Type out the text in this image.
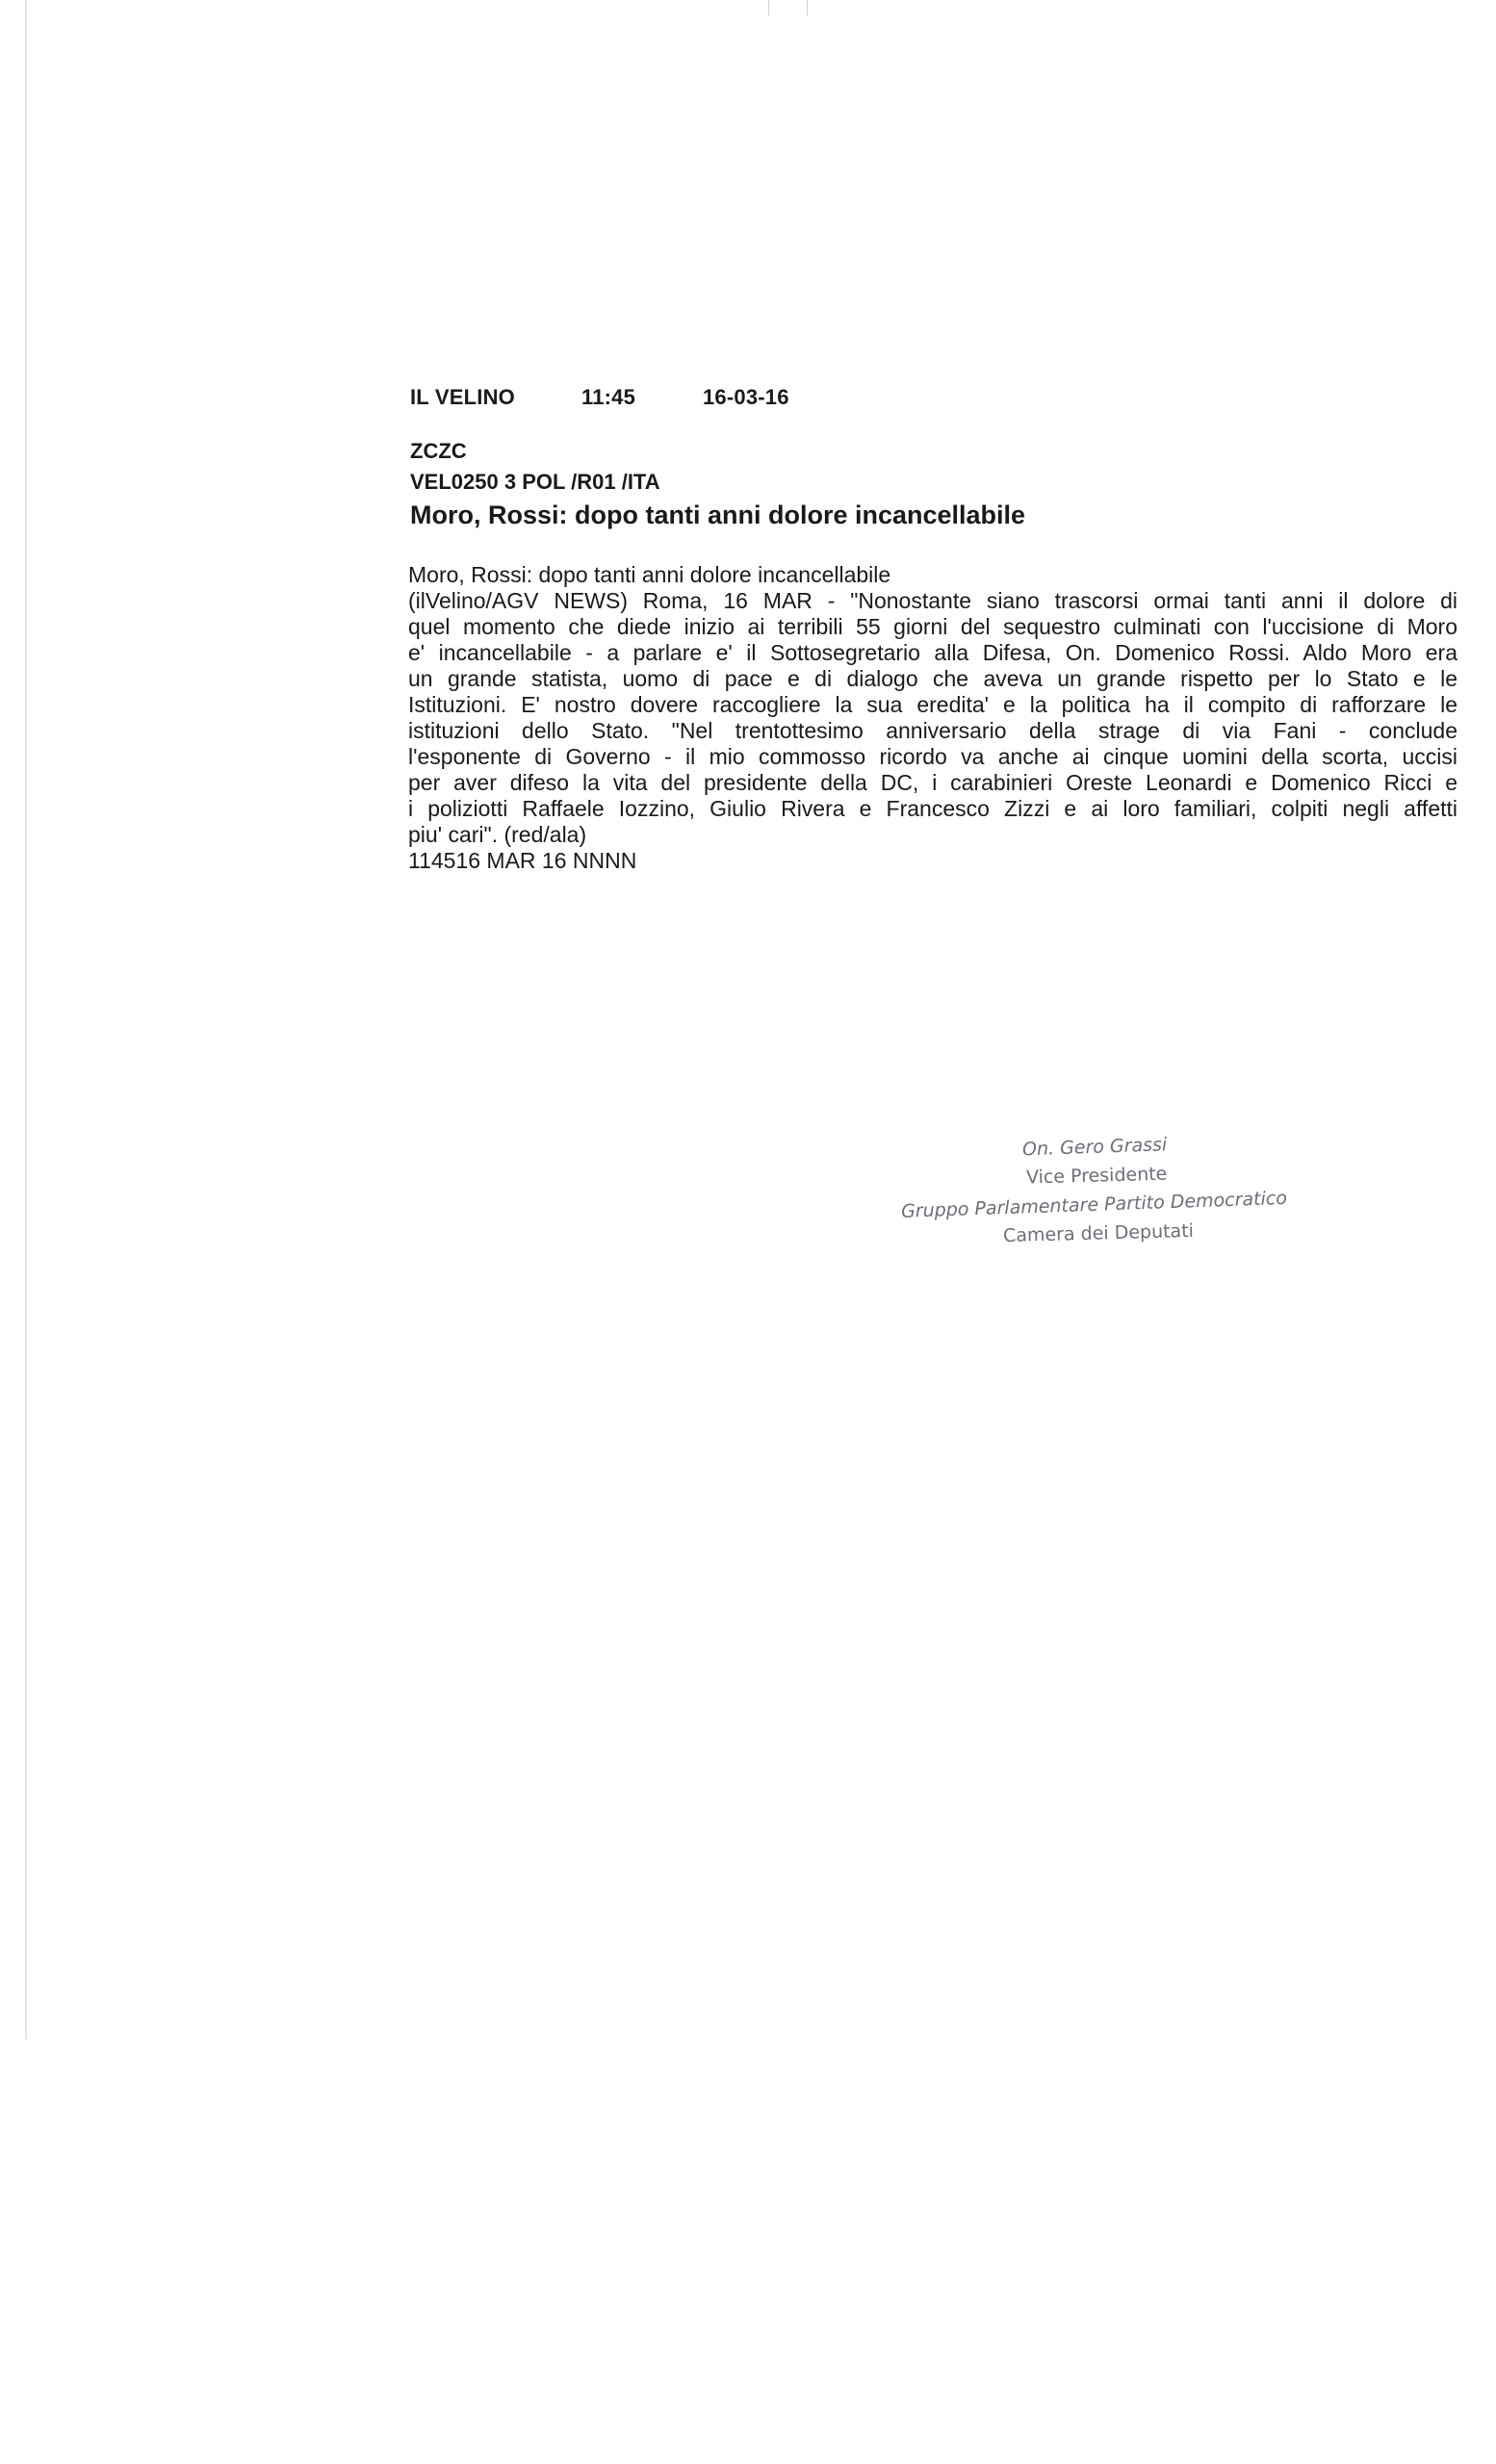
IL VELINO	11:45	16-03-16
ZCZC
VEL0250 3 POL /R01 /ITA
Moro, Rossi: dopo tanti anni dolore incancellabile
Moro, Rossi: dopo tanti anni dolore incancellabile
(ilVelino/AGV NEWS) Roma, 16 MAR - "Nonostante siano trascorsi ormai tanti anni il dolore di
quel momento che diede inizio ai terribili 55 giorni del sequestro culminati con l'uccisione di Moro
e' incancellabile - a parlare e' il Sottosegretario alla Difesa, On. Domenico Rossi. Aldo Moro era
un grande statista, uomo di pace e di dialogo che aveva un grande rispetto per lo Stato e le
Istituzioni. E' nostro dovere raccogliere la sua eredita' e la politica ha il compito di rafforzare le
istituzioni dello Stato. "Nel trentottesimo anniversario della strage di via Fani - conclude
l'esponente di Governo - il mio commosso ricordo va anche ai cinque uomini della scorta, uccisi
per aver difeso la vita del presidente della DC, i carabinieri Oreste Leonardi e Domenico Ricci e
i poliziotti Raffaele Iozzino, Giulio Rivera e Francesco Zizzi e ai loro familiari, colpiti negli affetti
piu' cari". (red/ala)
114516 MAR 16 NNNN
On. Gero Grassi
Vice Presidente
Gruppo Parlamentare Partito Democratico
Camera dei Deputati
